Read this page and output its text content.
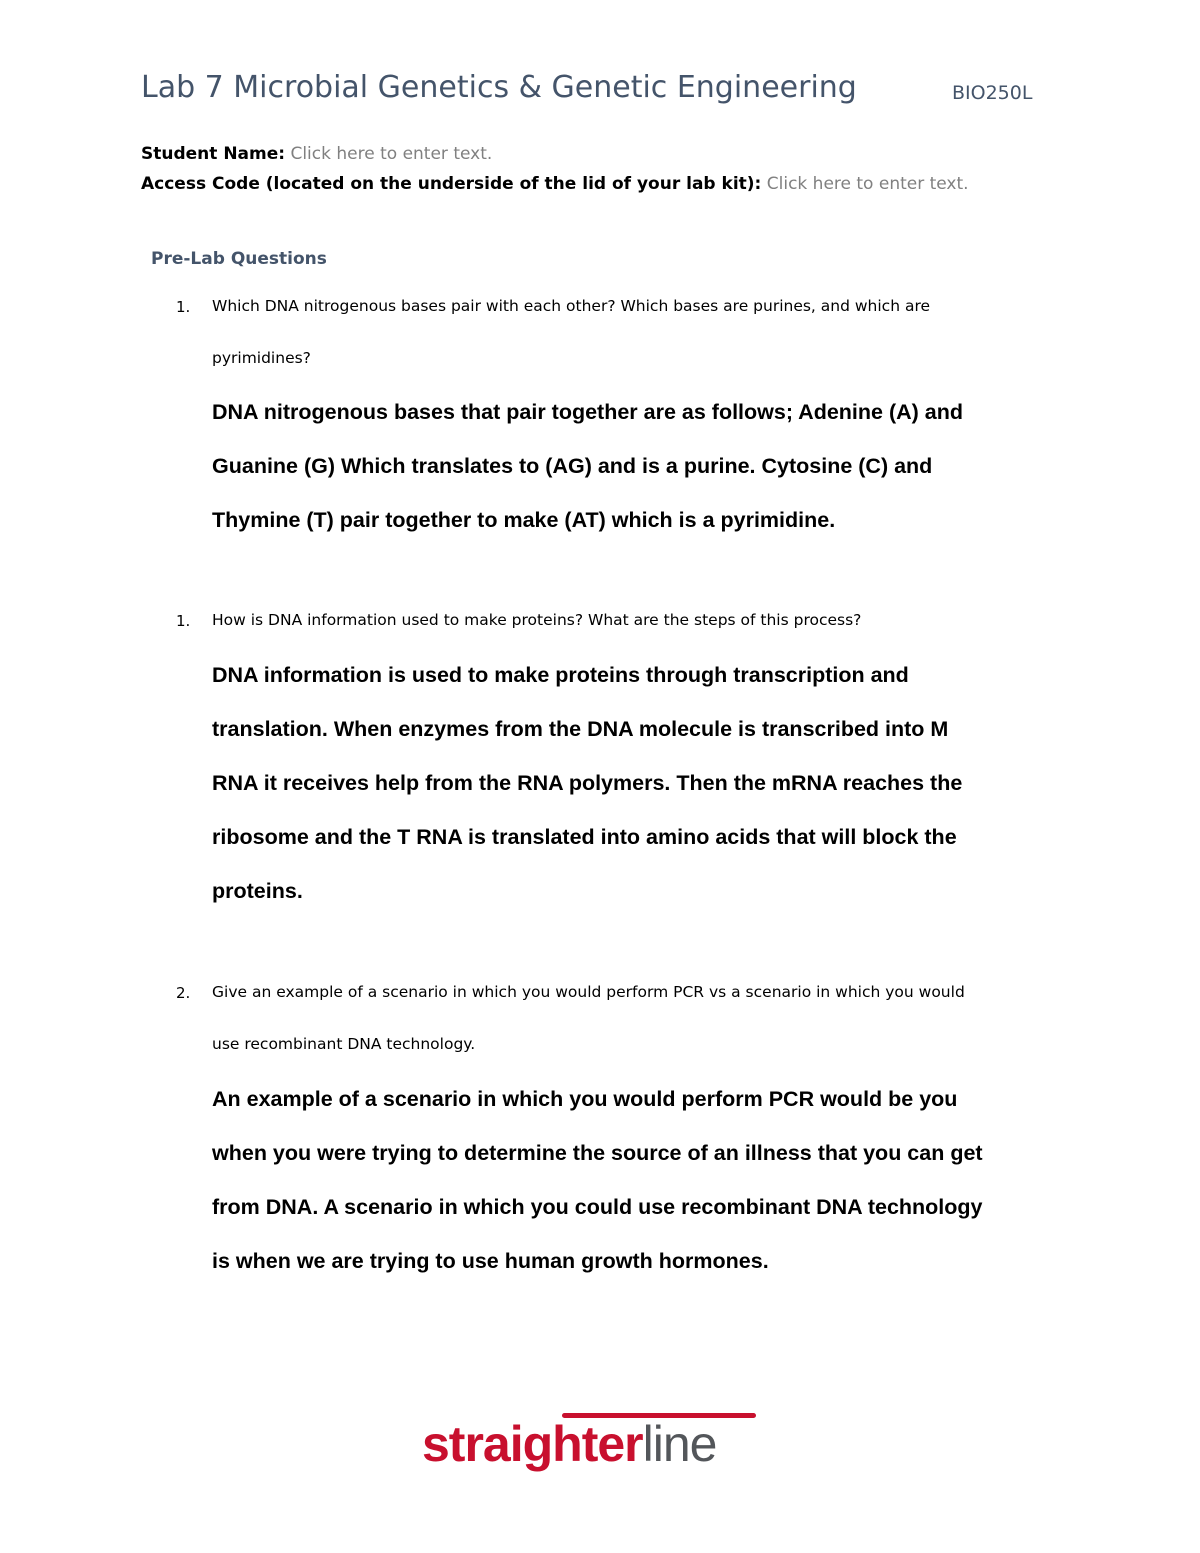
Lab 7 Microbial Genetics & Genetic Engineering	BIO250L
Student Name: Click here to enter text.
Access Code (located on the underside of the lid of your lab kit): Click here to enter text.
Pre-Lab Questions
1. Which DNA nitrogenous bases pair with each other? Which bases are purines, and which are
pyrimidines?
DNA nitrogenous bases that pair together are as follows; Adenine (A) and
Guanine (G) Which translates to (AG) and is a purine. Cytosine (C) and
Thymine (T) pair together to make (AT) which is a pyrimidine.
1. How is DNA information used to make proteins? What are the steps of this process?
DNA information is used to make proteins through transcription and
translation. When enzymes from the DNA molecule is transcribed into M
RNA it receives help from the RNA polymers. Then the mRNA reaches the
ribosome and the T RNA is translated into amino acids that will block the
proteins.
2. Give an example of a scenario in which you would perform PCR vs a scenario in which you would
use recombinant DNA technology.
An example of a scenario in which you would perform PCR would be you
when you were trying to determine the source of an illness that you can get
from DNA. A scenario in which you could use recombinant DNA technology
is when we are trying to use human growth hormones.
straighterline
